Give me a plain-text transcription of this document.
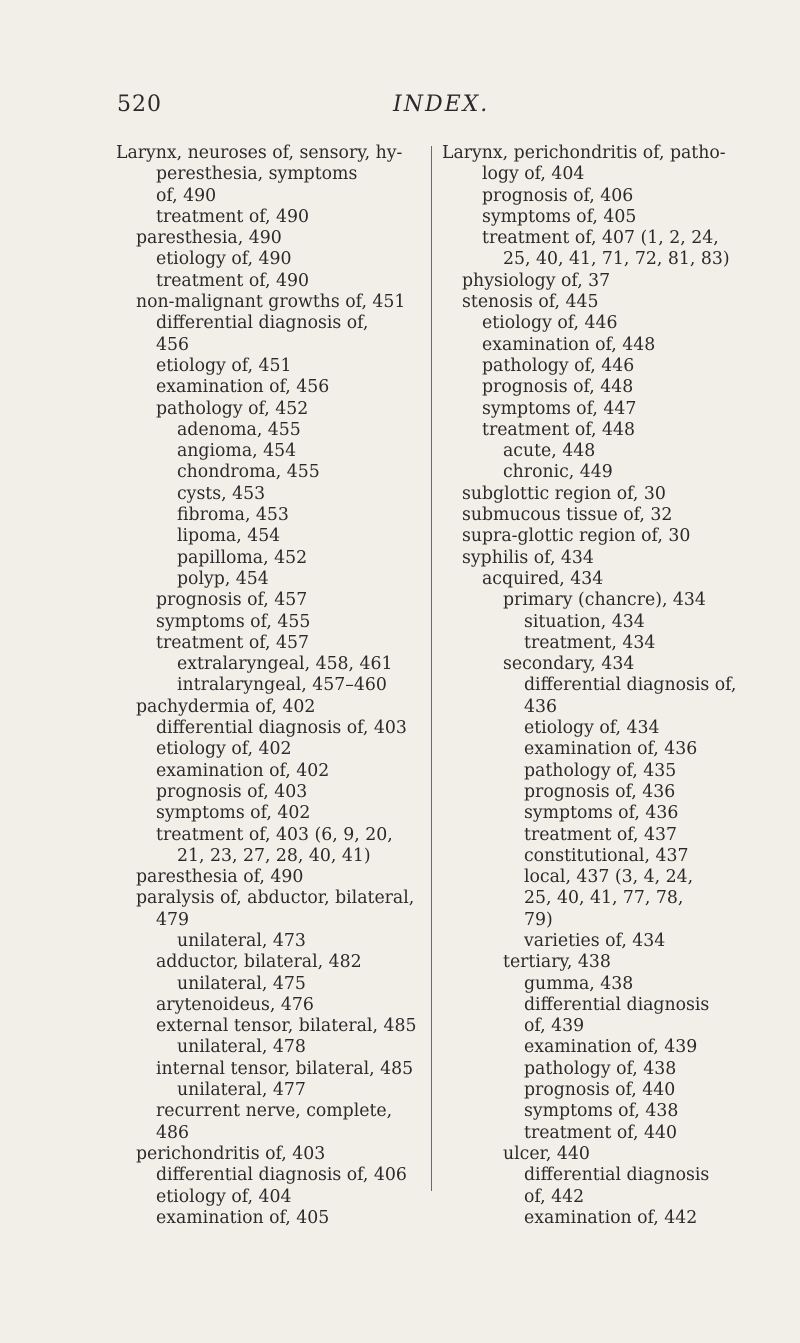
520	INDEX.
Larynx, neuroses of, sensory, hy-
peresthesia, symptoms
of, 490
treatment of, 490
paresthesia, 490
etiology of, 490
treatment of, 490
non-malignant growths of, 451
differential diagnosis of,
456
etiology of, 451
examination of, 456
pathology of, 452
adenoma, 455
angioma, 454
chondroma, 455
cysts, 453
fibroma, 453
lipoma, 454
papilloma, 452
polyp, 454
prognosis of, 457
symptoms of, 455
treatment of, 457
extralaryngeal, 458, 461
intralaryngeal, 457–460
pachydermia of, 402
differential diagnosis of, 403
etiology of, 402
examination of, 402
prognosis of, 403
symptoms of, 402
treatment of, 403 (6, 9, 20,
21, 23, 27, 28, 40, 41)
paresthesia of, 490
paralysis of, abductor, bilateral,
479
unilateral, 473
adductor, bilateral, 482
unilateral, 475
arytenoideus, 476
external tensor, bilateral, 485
unilateral, 478
internal tensor, bilateral, 485
unilateral, 477
recurrent nerve, complete,
486
perichondritis of, 403
differential diagnosis of, 406
etiology of, 404
examination of, 405
Larynx, perichondritis of, patho-
logy of, 404
prognosis of, 406
symptoms of, 405
treatment of, 407 (1, 2, 24,
25, 40, 41, 71, 72, 81, 83)
physiology of, 37
stenosis of, 445
etiology of, 446
examination of, 448
pathology of, 446
prognosis of, 448
symptoms of, 447
treatment of, 448
acute, 448
chronic, 449
subglottic region of, 30
submucous tissue of, 32
supra-glottic region of, 30
syphilis of, 434
acquired, 434
primary (chancre), 434
situation, 434
treatment, 434
secondary, 434
differential diagnosis of,
436
etiology of, 434
examination of, 436
pathology of, 435
prognosis of, 436
symptoms of, 436
treatment of, 437
constitutional, 437
local, 437 (3, 4, 24,
25, 40, 41, 77, 78,
79)
varieties of, 434
tertiary, 438
gumma, 438
differential diagnosis
of, 439
examination of, 439
pathology of, 438
prognosis of, 440
symptoms of, 438
treatment of, 440
ulcer, 440
differential diagnosis
of, 442
examination of, 442
